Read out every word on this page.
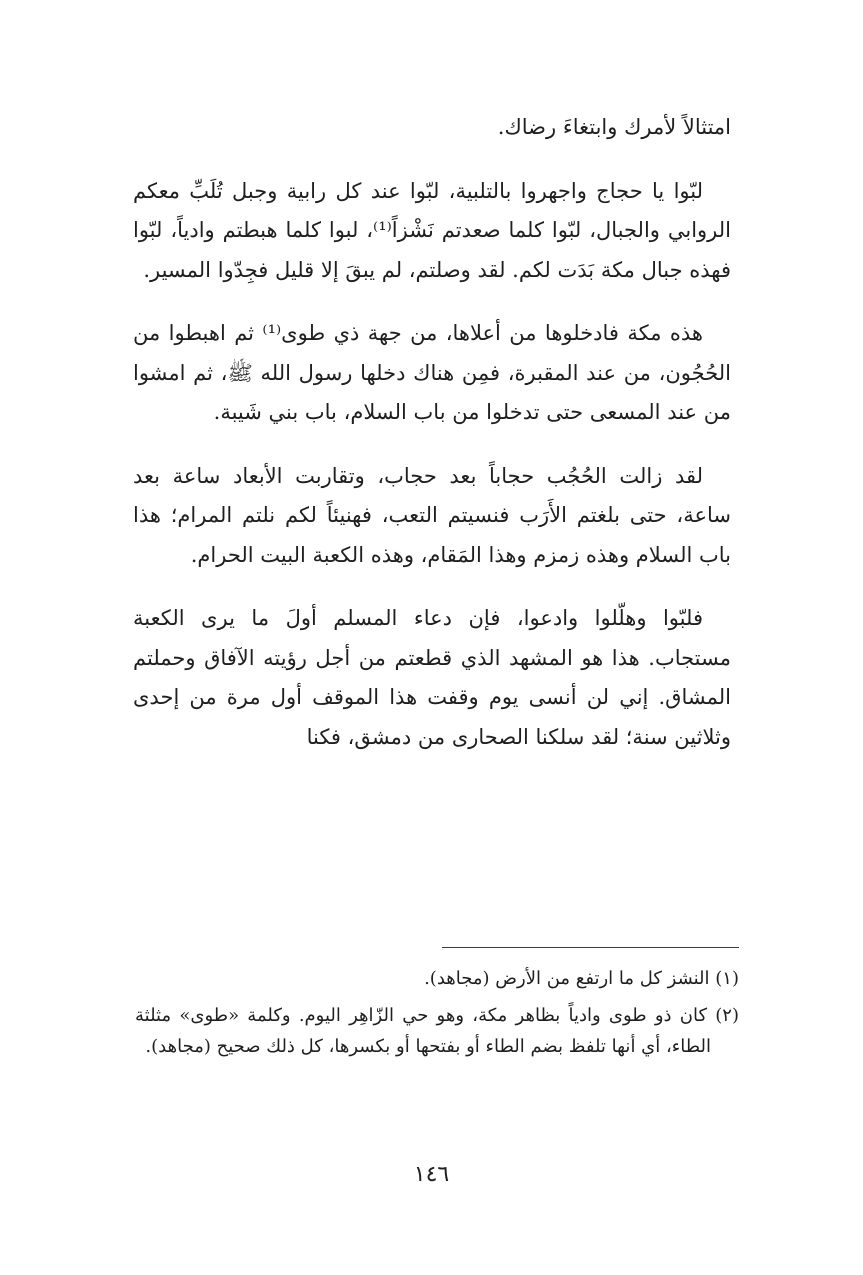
امتثالاً لأمرك وابتغاءَ رضاك.

لبّوا يا حجاج واجهروا بالتلبية، لبّوا عند كل رابية وجبل تُلَبِّ معكم الروابي والجبال، لبّوا كلما صعدتم نَشْزاً⁽¹⁾، لبوا كلما هبطتم وادياً، لبّوا فهذه جبال مكة بَدَت لكم. لقد وصلتم، لم يبقَ إلا قليل فجِدّوا المسير.

هذه مكة فادخلوها من أعلاها، من جهة ذي طوى⁽¹⁾ ثم اهبطوا من الحُجُون، من عند المقبرة، فمِن هناك دخلها رسول الله ﷺ، ثم امشوا من عند المسعى حتى تدخلوا من باب السلام، باب بني شَيبة.

لقد زالت الحُجُب حجاباً بعد حجاب، وتقاربت الأبعاد ساعة بعد ساعة، حتى بلغتم الأَرَب فنسيتم التعب، فهنيئاً لكم نلتم المرام؛ هذا باب السلام وهذه زمزم وهذا المَقام، وهذه الكعبة البيت الحرام.

فلبّوا وهلّلوا وادعوا، فإن دعاء المسلم أولَ ما يرى الكعبة مستجاب. هذا هو المشهد الذي قطعتم من أجل رؤيته الآفاق وحملتم المشاق. إني لن أنسى يوم وقفت هذا الموقف أول مرة من إحدى وثلاثين سنة؛ لقد سلكنا الصحارى من دمشق، فكنا

(١) النشز كل ما ارتفع من الأرض (مجاهد).

(٢) كان ذو طوى وادياً بظاهر مكة، وهو حي الزّاهِر اليوم. وكلمة «طوى» مثلثة الطاء، أي أنها تلفظ بضم الطاء أو بفتحها أو بكسرها، كل ذلك صحيح (مجاهد).

١٤٦
